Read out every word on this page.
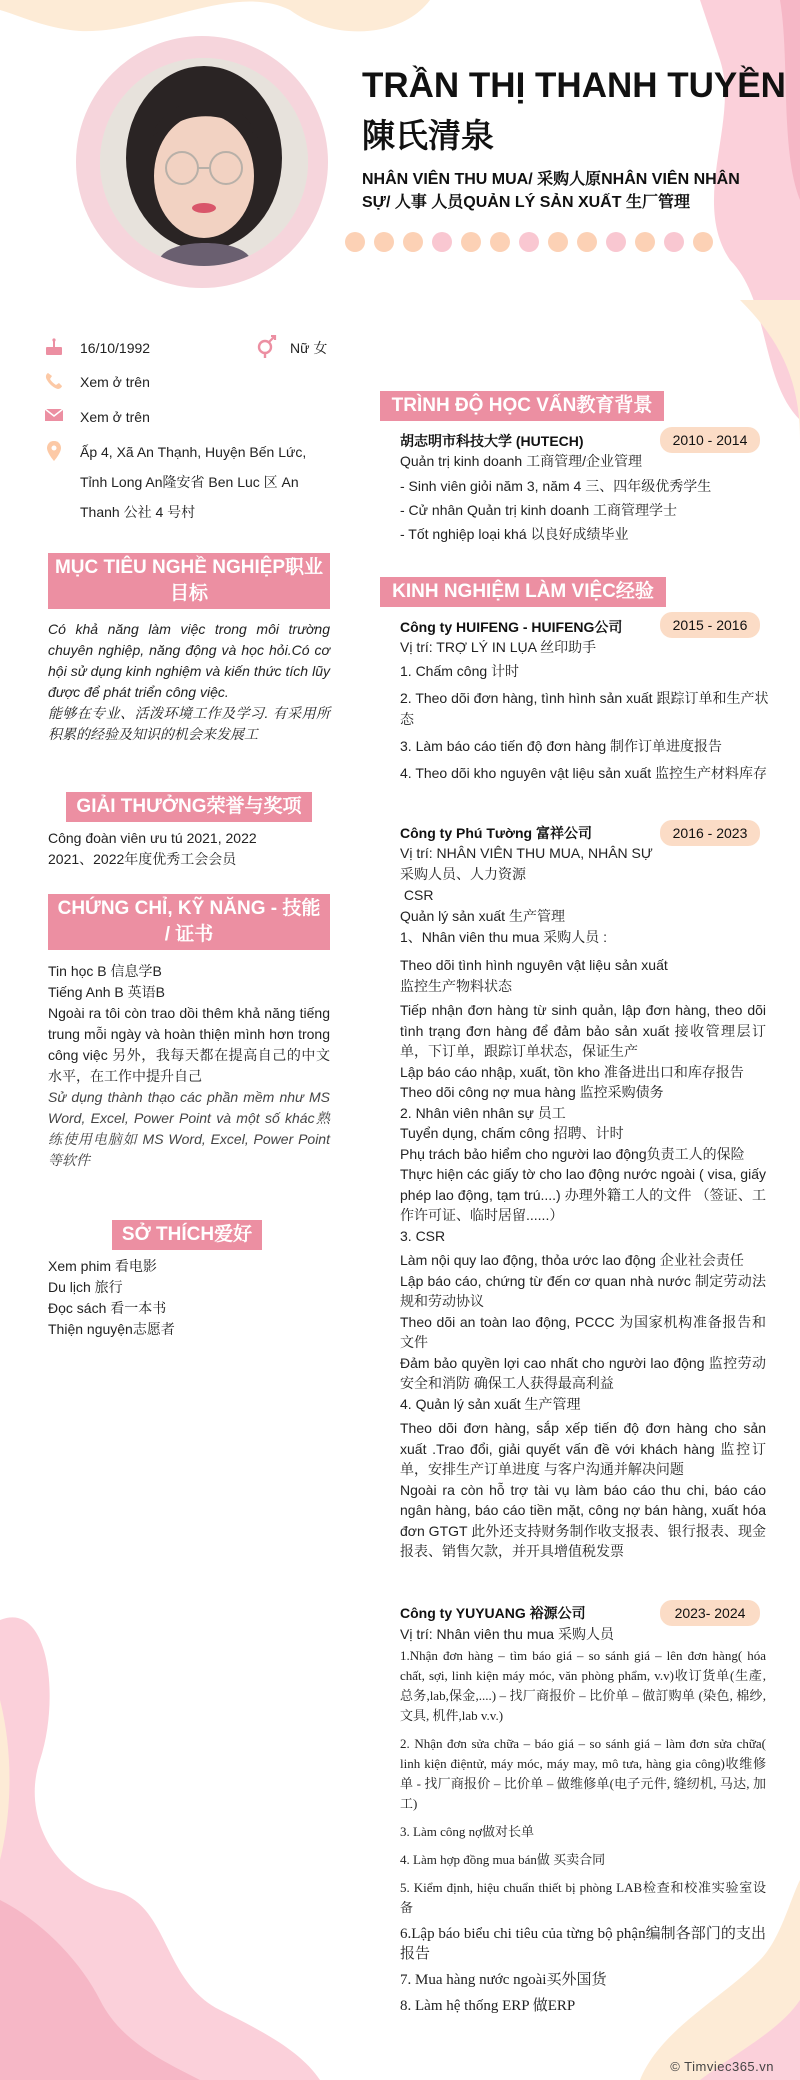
TRẦN THỊ THANH TUYỀN
陳氏清泉
NHÂN VIÊN THU MUA/ 采购人原NHÂN VIÊN NHÂN SỰ/ 人事 人员QUẢN LÝ SẢN XUẤT 生厂管理
16/10/1992	Nữ 女
Xem ở trên
Xem ở trên
Ấp 4, Xã An Thạnh, Huyện Bến Lức,
Tỉnh Long An隆安省 Ben Luc 区 An
Thanh 公社 4 号村
MỤC TIÊU NGHỀ NGHIỆP职业目标

Có khả năng làm việc trong môi trường chuyên nghiệp, năng động và học hỏi.Có cơ hội sử dụng kinh nghiệm và kiến thức tích lũy được để phát triển công việc.

能够在专业、活泼环境工作及学习. 有采用所积累的经验及知识的机会来发展工

GIẢI THƯỞNG荣誉与奖项

Công đoàn viên ưu tú 2021, 2022

2021、2022年度优秀工会会员

CHỨNG CHỈ, KỸ NĂNG - 技能 / 证书

Tin học B 信息学B

Tiếng Anh B 英语B

Ngoài ra tôi còn trao dồi thêm khả năng tiếng trung mỗi ngày và hoàn thiện mình hơn trong công việc 另外，我每天都在提高自己的中文水平，在工作中提升自己

Sử dụng thành thạo các phần mềm như MS Word, Excel, Power Point và một số khác熟练使用电脑如 MS Word, Excel, Power Point 等软件

SỞ THÍCH爱好

Xem phim 看电影

Du lịch 旅行

Đọc sách 看一本书

Thiện nguyện志愿者

TRÌNH ĐỘ HỌC VẤN教育背景
胡志明市科技大学 (HUTECH)	2010 - 2014

Quản trị kinh doanh 工商管理/企业管理

- Sinh viên giỏi năm 3, năm 4 三、四年级优秀学生

- Cử nhân Quản trị kinh doanh 工商管理学士

- Tốt nghiệp loại khá 以良好成绩毕业

KINH NGHIỆM LÀM VIỆC经验
Công ty HUIFENG - HUIFENG公司	2015 - 2016

Vị trí: TRỢ LÝ IN LỤA 丝印助手

1. Chấm công 计时

2. Theo dõi đơn hàng, tình hình sản xuất 跟踪订单和生产状态

3. Làm báo cáo tiến độ đơn hàng 制作订单进度报告

4. Theo dõi kho nguyên vật liệu sản xuất 监控生产材料库存

Công ty Phú Tường 富祥公司	2016 - 2023

Vị trí: NHÂN VIÊN THU MUA, NHÂN SỰ

采购人员、人力资源

CSR

Quản lý sản xuất 生产管理

1、Nhân viên thu mua 采购人员 :

Theo dõi tình hình nguyên vật liệu sản xuất

监控生产物料状态

Tiếp nhận đơn hàng từ sinh quản, lập đơn hàng, theo dõi tình trạng đơn hàng để đảm bảo sản xuất 接收管理层订单，下订单，跟踪订单状态，保证生产

Lập báo cáo nhập, xuất, tồn kho 准备进出口和库存报告

Theo dõi công nợ mua hàng 监控采购债务

2. Nhân viên nhân sự 员工

Tuyển dụng, chấm công 招聘、计时

Phụ trách bảo hiểm cho người lao động负责工人的保险

Thực hiện các giấy tờ cho lao động nước ngoài ( visa, giấy phép lao động, tạm trú....) 办理外籍工人的文件 （签证、工作许可证、临时居留......）

3. CSR

Làm nội quy lao động, thỏa ước lao động 企业社会责任

Lập báo cáo, chứng từ đến cơ quan nhà nước 制定劳动法规和劳动协议

Theo dõi an toàn lao động, PCCC 为国家机构准备报告和文件

Đảm bảo quyền lợi cao nhất cho người lao động 监控劳动安全和消防 确保工人获得最高利益

4. Quản lý sản xuất 生产管理

Theo dõi đơn hàng, sắp xếp tiến độ đơn hàng cho sản xuất .Trao đổi, giải quyết vấn đề với khách hàng 监控订单，安排生产订单进度 与客户沟通并解决问题

Ngoài ra còn hỗ trợ tài vụ làm báo cáo thu chi, báo cáo ngân hàng, báo cáo tiền mặt, công nợ bán hàng, xuất hóa đơn GTGT 此外还支持财务制作收支报表、银行报表、现金报表、销售欠款，并开具增值税发票

Công ty YUYUANG 裕源公司	2023- 2024
Vị trí: Nhân viên thu mua 采购人员

1.Nhận đơn hàng – tìm báo giá – so sánh giá – lên đơn hàng( hóa chất, sợi, linh kiện máy móc, văn phòng phẩm, v.v)收订货单(生產, 总务,lab,保金,....) – 找厂商报价 – 比价单 – 做訂购单 (染色, 棉纱, 文具, 机件,lab v.v.)

2. Nhận đơn sửa chữa – báo giá – so sánh giá – làm đơn sửa chữa( linh kiện điệntử, máy móc, máy may, mô tưa, hàng gia công)收维修单 - 找厂商报价 – 比价单 – 做维修单(电子元件, 缝纫机, 马达, 加工)

3. Làm công nợ做对长单

4. Làm hợp đồng mua bán做 买卖合同

5. Kiểm định, hiệu chuẩn thiết bị phòng LAB检查和校准实验室设备

6.Lập báo biểu chi tiêu của từng bộ phận编制各部门的支出报告

7. Mua hàng nước ngoài买外国货

8. Làm hệ thống ERP 做ERP

© Timviec365.vn
